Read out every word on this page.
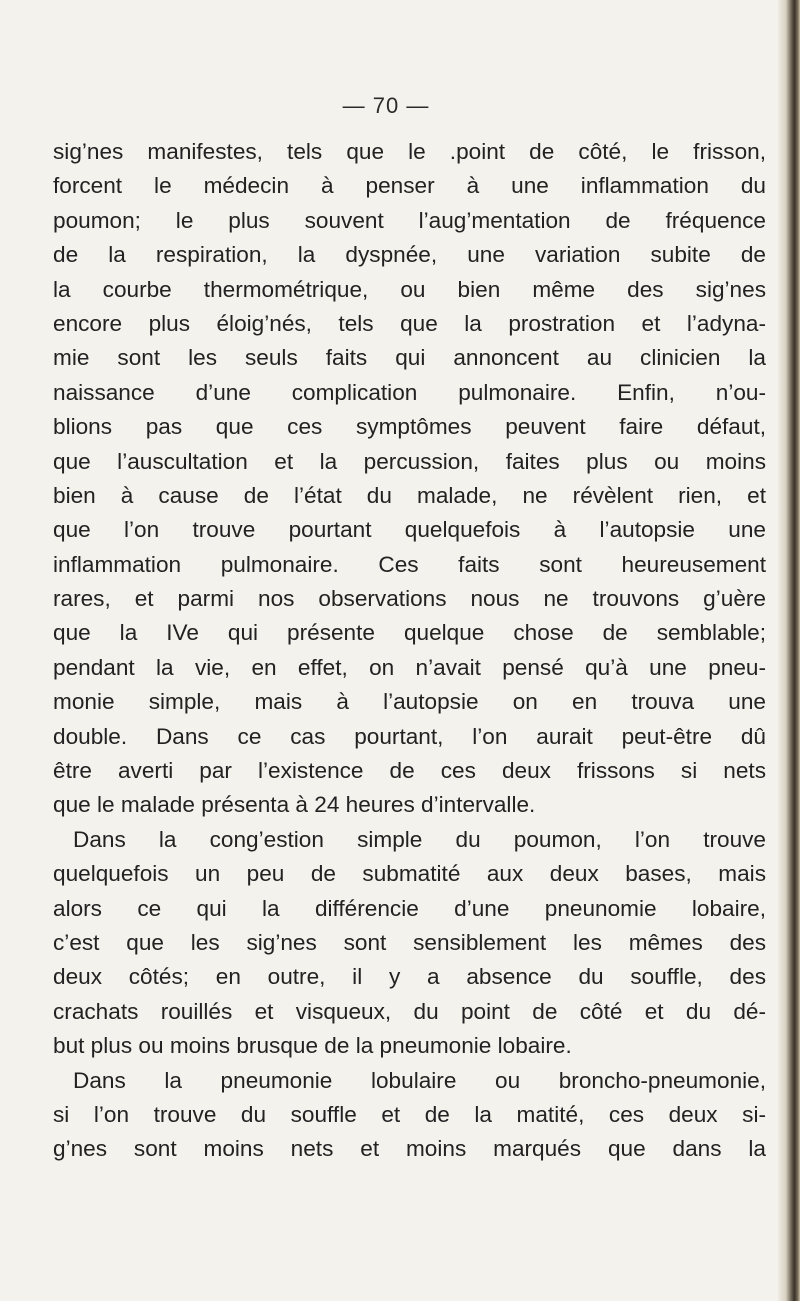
— 70 —
sig’nes manifestes, tels que le .point de côté, le frisson,
forcent le médecin à penser à une inflammation du
poumon; le plus souvent l’aug’mentation de fréquence
de la respiration, la dyspnée, une variation subite de
la courbe thermométrique, ou bien même des sig’nes
encore plus éloig’nés, tels que la prostration et l’adyna-
mie sont les seuls faits qui annoncent au clinicien la
naissance d’une complication pulmonaire. Enfin, n’ou-
blions pas que ces symptômes peuvent faire défaut,
que l’auscultation et la percussion, faites plus ou moins
bien à cause de l’état du malade, ne révèlent rien, et
que l’on trouve pourtant quelquefois à l’autopsie une
inflammation pulmonaire. Ces faits sont heureusement
rares, et parmi nos observations nous ne trouvons g’uère
que la IVe qui présente quelque chose de semblable;
pendant la vie, en effet, on n’avait pensé qu’à une pneu-
monie simple, mais à l’autopsie on en trouva une
double. Dans ce cas pourtant, l’on aurait peut-être dû
être averti par l’existence de ces deux frissons si nets
que le malade présenta à 24 heures d’intervalle.
Dans la cong’estion simple du poumon, l’on trouve
quelquefois un peu de submatité aux deux bases, mais
alors ce qui la différencie d’une pneunomie lobaire,
c’est que les sig’nes sont sensiblement les mêmes des
deux côtés; en outre, il y a absence du souffle, des
crachats rouillés et visqueux, du point de côté et du dé-
but plus ou moins brusque de la pneumonie lobaire.
Dans la pneumonie lobulaire ou broncho-pneumonie,
si l’on trouve du souffle et de la matité, ces deux si-
g’nes sont moins nets et moins marqués que dans la
